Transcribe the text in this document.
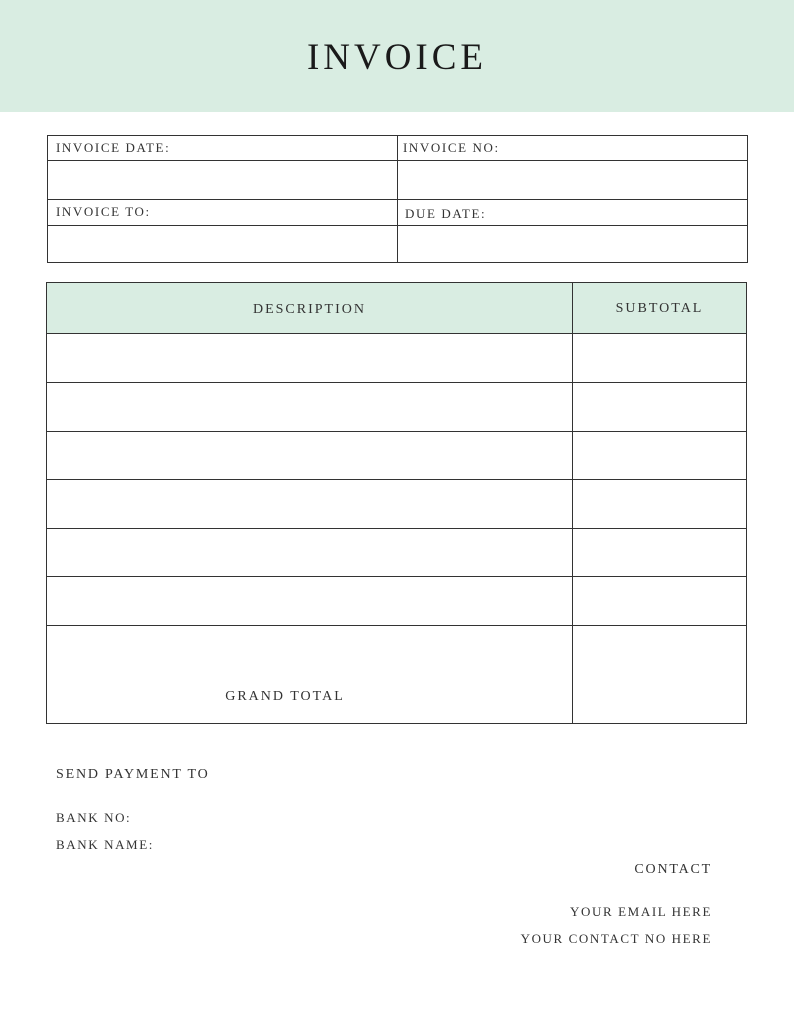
INVOICE
INVOICE DATE:	INVOICE NO:
INVOICE TO:	DUE DATE:
DESCRIPTION	SUBTOTAL
GRAND TOTAL
SEND PAYMENT TO
BANK NO:
BANK NAME:
CONTACT
YOUR EMAIL HERE
YOUR CONTACT NO HERE
